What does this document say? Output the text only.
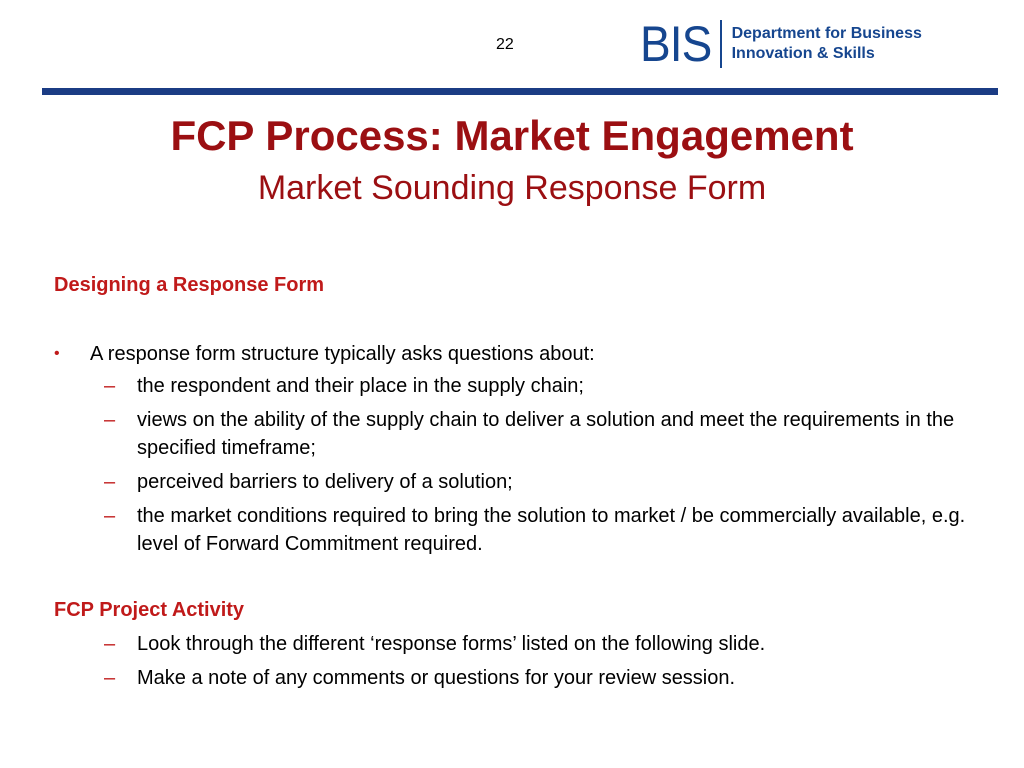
22	BIS Department for Business
Innovation & Skills
FCP Process: Market Engagement
Market Sounding Response Form
Designing a Response Form
•	A response form structure typically asks questions about:
– the respondent and their place in the supply chain;
– views on the ability of the supply chain to deliver a solution and meet the requirements in the specified timeframe;
– perceived barriers to delivery of a solution;
– the market conditions required to bring the solution to market / be commercially available, e.g. level of Forward Commitment required.
FCP Project Activity
– Look through the different ‘response forms’ listed on the following slide.
– Make a note of any comments or questions for your review session.
